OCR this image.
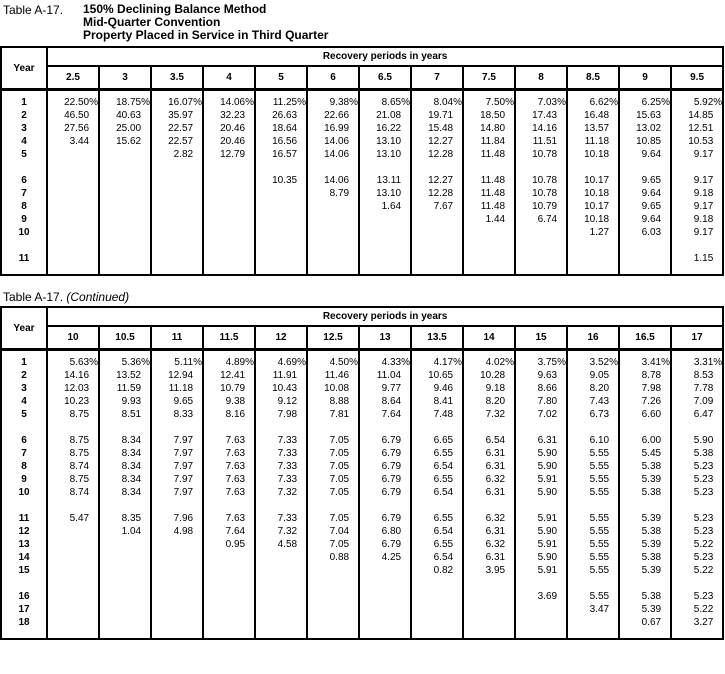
Table A-17.	150% Declining Balance Method
Mid-Quarter Convention
Property Placed in Service in Third Quarter
Year	Recovery periods in years												
	2.5	3	3.5	4	5	6	6.5	7	7.5	8	8.5	9	9.5

1	22.50%	18.75%	16.07%	14.06%	11.25%	9.38%	8.65%	8.04%	7.50%	7.03%	6.62%	6.25%	5.92%
2	46.50	40.63	35.97	32.23	26.63	22.66	21.08	19.71	18.50	17.43	16.48	15.63	14.85
3	27.56	25.00	22.57	20.46	18.64	16.99	16.22	15.48	14.80	14.16	13.57	13.02	12.51
4	3.44	15.62	22.57	20.46	16.56	14.06	13.10	12.27	11.84	11.51	11.18	10.85	10.53
5			2.82	12.79	16.57	14.06	13.10	12.28	11.48	10.78	10.18	9.64	9.17

6					10.35	14.06	13.11	12.27	11.48	10.78	10.17	9.65	9.17
7						8.79	13.10	12.28	11.48	10.78	10.18	9.64	9.18
8							1.64	7.67	11.48	10.79	10.17	9.65	9.17
9									1.44	6.74	10.18	9.64	9.18
10											1.27	6.03	9.17

11													1.15

Table A-17. (Continued)
Year	Recovery periods in years												
	10	10.5	11	11.5	12	12.5	13	13.5	14	15	16	16.5	17

1	5.63%	5.36%	5.11%	4.89%	4.69%	4.50%	4.33%	4.17%	4.02%	3.75%	3.52%	3.41%	3.31%
2	14.16	13.52	12.94	12.41	11.91	11.46	11.04	10.65	10.28	9.63	9.05	8.78	8.53
3	12.03	11.59	11.18	10.79	10.43	10.08	9.77	9.46	9.18	8.66	8.20	7.98	7.78
4	10.23	9.93	9.65	9.38	9.12	8.88	8.64	8.41	8.20	7.80	7.43	7.26	7.09
5	8.75	8.51	8.33	8.16	7.98	7.81	7.64	7.48	7.32	7.02	6.73	6.60	6.47

6	8.75	8.34	7.97	7.63	7.33	7.05	6.79	6.65	6.54	6.31	6.10	6.00	5.90
7	8.75	8.34	7.97	7.63	7.33	7.05	6.79	6.55	6.31	5.90	5.55	5.45	5.38
8	8.74	8.34	7.97	7.63	7.33	7.05	6.79	6.54	6.31	5.90	5.55	5.38	5.23
9	8.75	8.34	7.97	7.63	7.33	7.05	6.79	6.55	6.32	5.91	5.55	5.39	5.23
10	8.74	8.34	7.97	7.63	7.32	7.05	6.79	6.54	6.31	5.90	5.55	5.38	5.23

11	5.47	8.35	7.96	7.63	7.33	7.05	6.79	6.55	6.32	5.91	5.55	5.39	5.23
12		1.04	4.98	7.64	7.32	7.04	6.80	6.54	6.31	5.90	5.55	5.38	5.23
13				0.95	4.58	7.05	6.79	6.55	6.32	5.91	5.55	5.39	5.22
14						0.88	4.25	6.54	6.31	5.90	5.55	5.38	5.23
15								0.82	3.95	5.91	5.55	5.39	5.22

16										3.69	5.55	5.38	5.23
17											3.47	5.39	5.22
18												0.67	3.27
